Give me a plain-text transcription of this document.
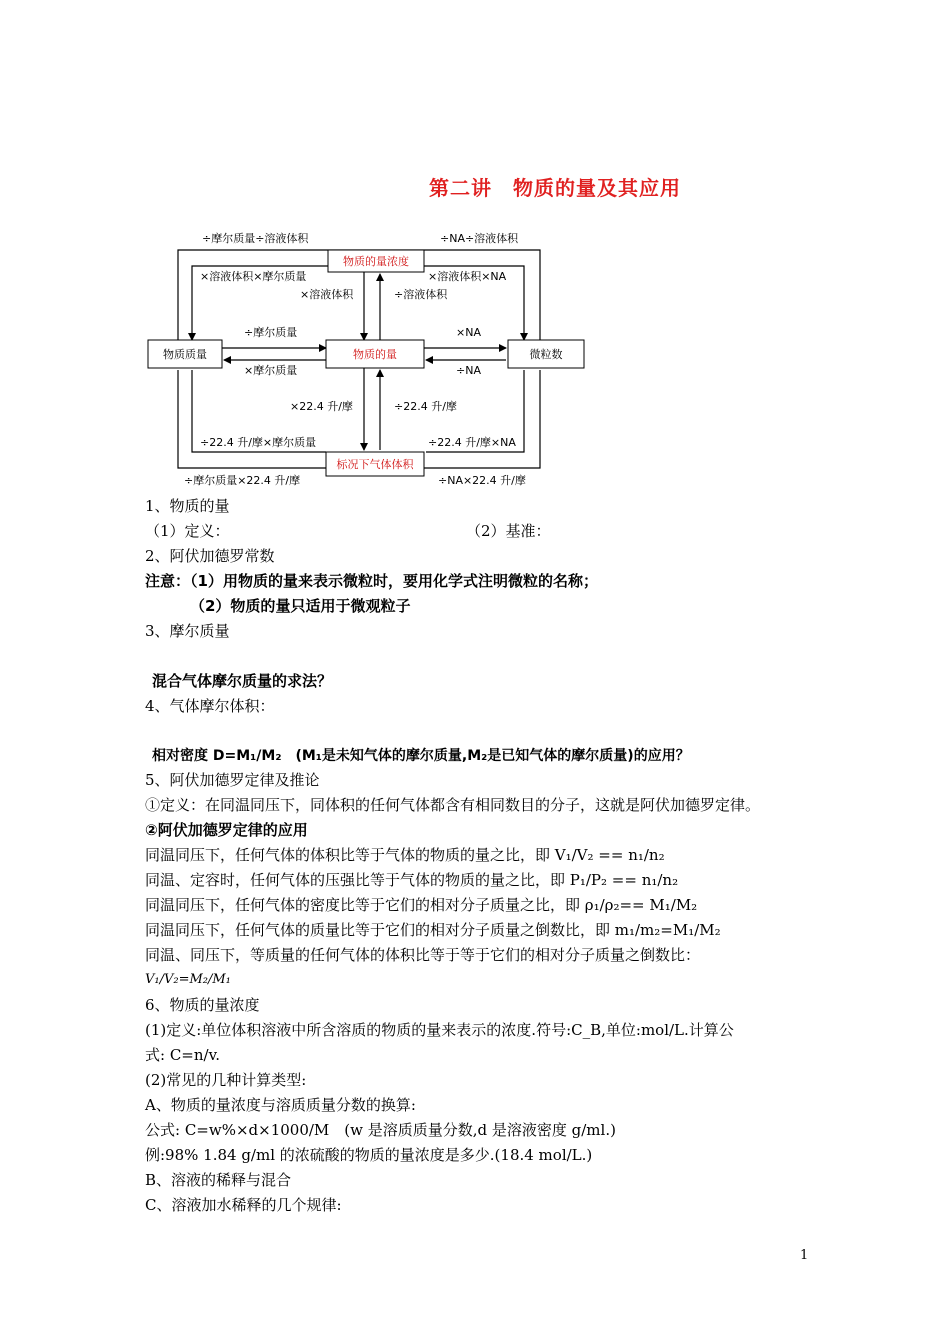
第二讲　物质的量及其应用
物质的量浓度
物质质量	物质的量	微粒数
标况下气体体积
÷摩尔质量÷溶液体积	÷NA÷溶液体积
×溶液体积×摩尔质量	×溶液体积×NA
×溶液体积	÷溶液体积
÷摩尔质量
×摩尔质量
×NA
÷NA
×22.4 升/摩	÷22.4 升/摩
÷22.4 升/摩×摩尔质量	÷22.4 升/摩×NA
÷摩尔质量×22.4 升/摩	÷NA×22.4 升/摩
1、物质的量
（1）定义：	（2）基准：
2、阿伏加德罗常数
注意：（1）用物质的量来表示微粒时，要用化学式注明微粒的名称；
（2）物质的量只适用于微观粒子
3、摩尔质量
混合气体摩尔质量的求法？
4、气体摩尔体积：
相对密度 D=M₁/M₂　(M₁是未知气体的摩尔质量,M₂是已知气体的摩尔质量)的应用？
5、阿伏加德罗定律及推论
①定义：在同温同压下，同体积的任何气体都含有相同数目的分子，这就是阿伏加德罗定律。
②阿伏加德罗定律的应用
同温同压下，任何气体的体积比等于气体的物质的量之比，即 V₁/V₂ == n₁/n₂
同温、定容时，任何气体的压强比等于气体的物质的量之比，即 P₁/P₂ == n₁/n₂
同温同压下，任何气体的密度比等于它们的相对分子质量之比，即 ρ₁/ρ₂== M₁/M₂
同温同压下，任何气体的质量比等于它们的相对分子质量之倒数比，即 m₁/m₂=M₁/M₂
同温、同压下，等质量的任何气体的体积比等于等于它们的相对分子质量之倒数比：
V₁/V₂=M₂/M₁
6、物质的量浓度
(1)定义:单位体积溶液中所含溶质的物质的量来表示的浓度.符号:C_B,单位:mol/L.计算公
式: C=n/v.
(2)常见的几种计算类型:
A、物质的量浓度与溶质质量分数的换算:
公式: C=w%×d×1000/M　(w 是溶质质量分数,d 是溶液密度 g/ml.)
例:98% 1.84 g/ml 的浓硫酸的物质的量浓度是多少.(18.4 mol/L.)
B、溶液的稀释与混合
C、溶液加水稀释的几个规律:
1
